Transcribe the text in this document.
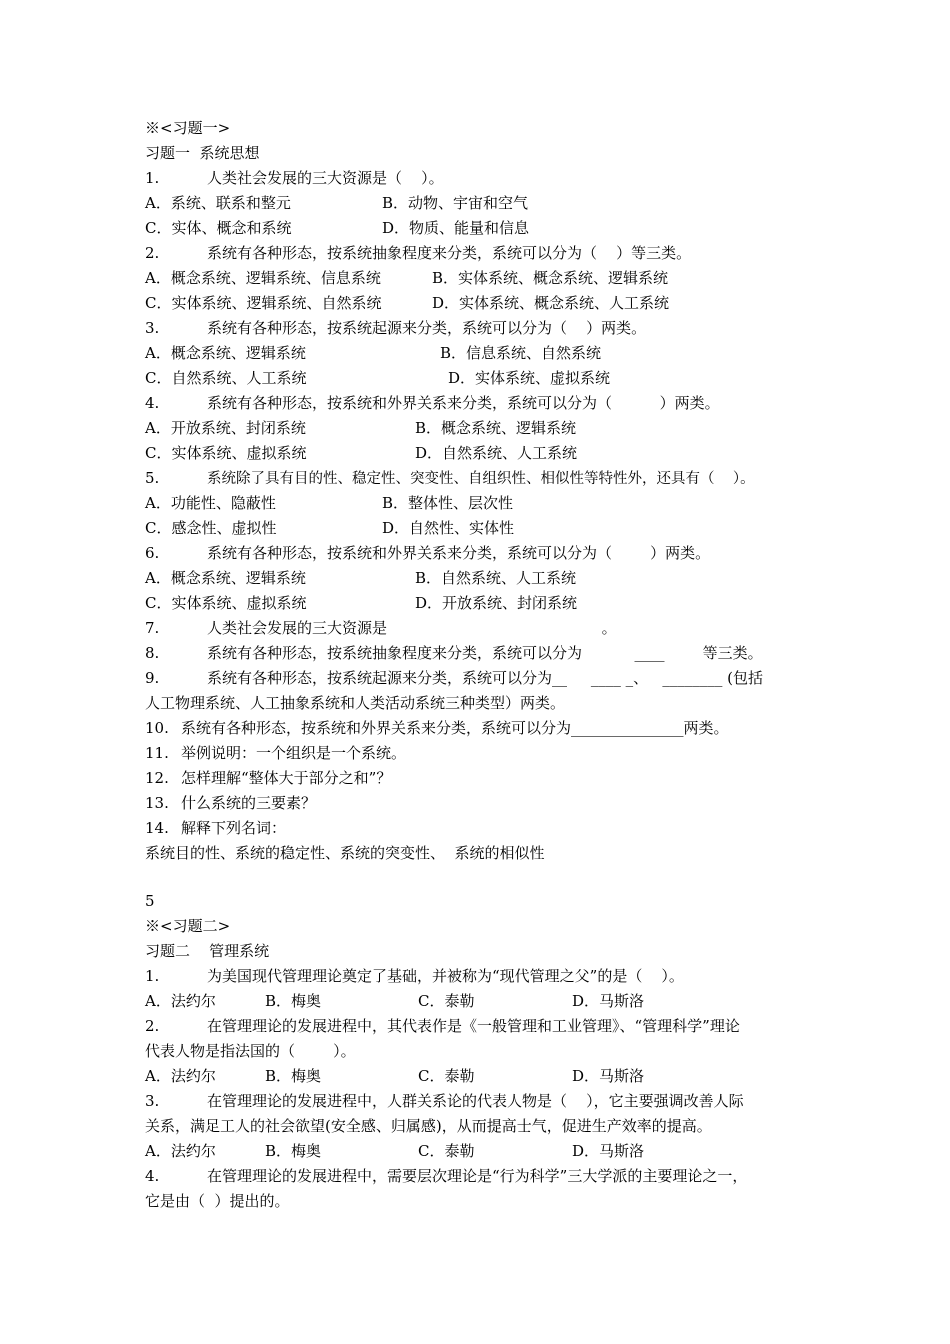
※<习题一>
习题一  系统思想
1.	人类社会发展的三大资源是（    ）。
A．系统、联系和整元	B．动物、宇宙和空气
C．实体、概念和系统	D．物质、能量和信息
2.	系统有各种形态，按系统抽象程度来分类，系统可以分为（    ）等三类。
A．概念系统、逻辑系统、信息系统	B．实体系统、概念系统、逻辑系统
C．实体系统、逻辑系统、自然系统	D．实体系统、概念系统、人工系统
3.	系统有各种形态，按系统起源来分类，系统可以分为（    ）两类。
A．概念系统、逻辑系统	B．信息系统、自然系统
C．自然系统、人工系统	D．实体系统、虚拟系统
4.	系统有各种形态，按系统和外界关系来分类，系统可以分为（          ）两类。
A．开放系统、封闭系统	B．概念系统、逻辑系统
C．实体系统、虚拟系统	D．自然系统、人工系统
5.	系统除了具有目的性、稳定性、突变性、自组织性、相似性等特性外，还具有（    ）。
A．功能性、隐蔽性	B．整体性、层次性
C．感念性、虚拟性	D．自然性、实体性
6.	系统有各种形态，按系统和外界关系来分类，系统可以分为（        ）两类。
A．概念系统、逻辑系统	B．自然系统、人工系统
C．实体系统、虚拟系统	D．开放系统、封闭系统
7.	人类社会发展的三大资源是                                             。
8.	系统有各种形态，按系统抽象程度来分类，系统可以分为           ____        等三类。
9.	系统有各种形态，按系统起源来分类，系统可以分为__     ____ _、   ________ (包括
人工物理系统、人工抽象系统和人类活动系统三种类型）两类。
10. 系统有各种形态，按系统和外界关系来分类，系统可以分为_______________两类。
11. 举例说明：一个组织是一个系统。
12. 怎样理解“整体大于部分之和”？
13. 什么系统的三要素？
14. 解释下列名词：
系统目的性、系统的稳定性、系统的突变性、  系统的相似性
5
※<习题二>
习题二    管理系统
1.	为美国现代管理理论奠定了基础，并被称为“现代管理之父”的是（    ）。
A．法约尔	B．梅奥	C．泰勒	D．马斯洛
2.	在管理理论的发展进程中，其代表作是《一般管理和工业管理》、“管理科学”理论
代表人物是指法国的（        ）。
A．法约尔	B．梅奥	C．泰勒	D．马斯洛
3.	在管理理论的发展进程中，人群关系论的代表人物是（    ），它主要强调改善人际
关系，满足工人的社会欲望(安全感、归属感)，从而提高士气，促进生产效率的提高。
A．法约尔	B．梅奥	C．泰勒	D．马斯洛
4.	在管理理论的发展进程中，需要层次理论是“行为科学”三大学派的主要理论之一，
它是由（  ）提出的。
